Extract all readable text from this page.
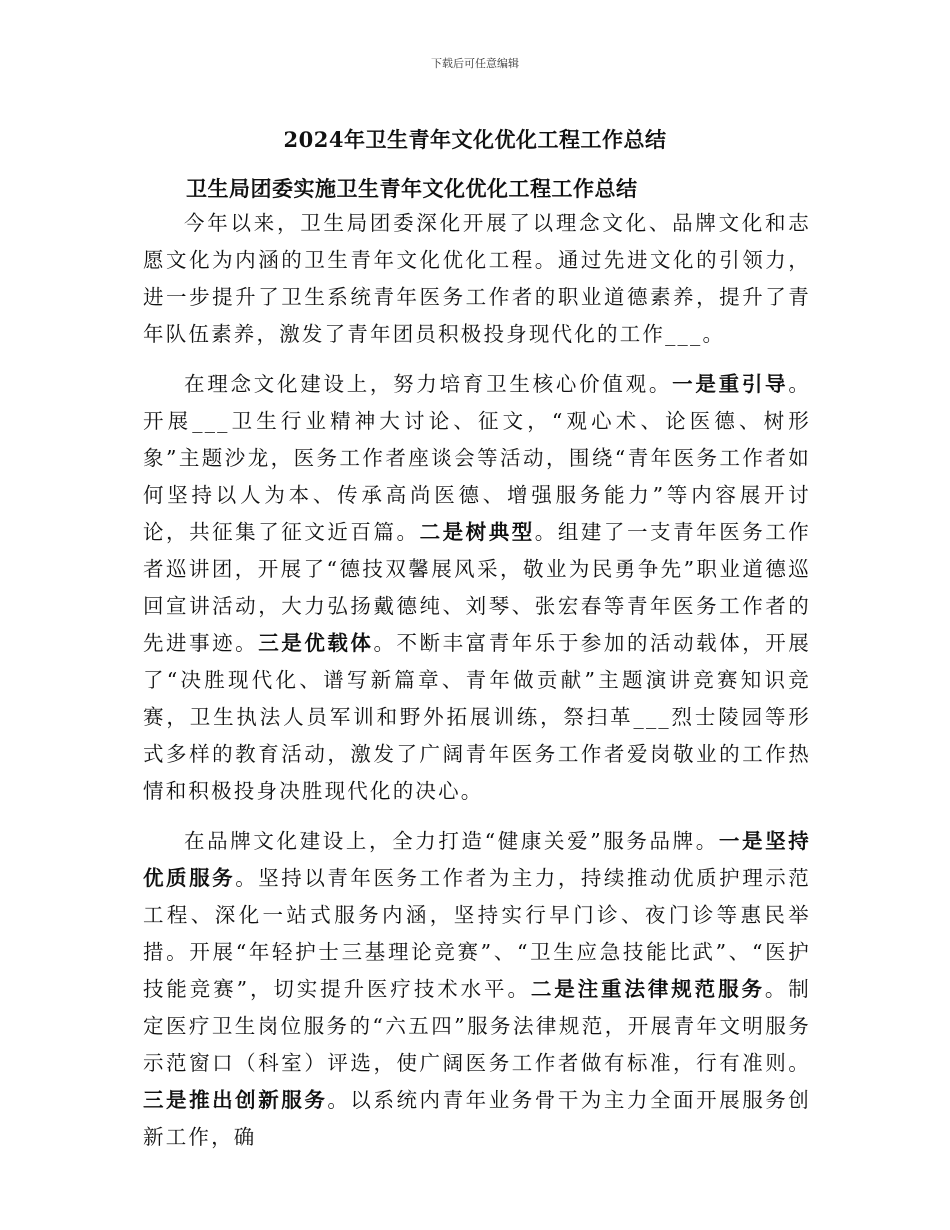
下载后可任意编辑
2024年卫生青年文化优化工程工作总结
卫生局团委实施卫生青年文化优化工程工作总结

今年以来，卫生局团委深化开展了以理念文化、品牌文化和志愿文化为内涵的卫生青年文化优化工程。通过先进文化的引领力，进一步提升了卫生系统青年医务工作者的职业道德素养，提升了青年队伍素养，激发了青年团员积极投身现代化的工作___。

在理念文化建设上，努力培育卫生核心价值观。一是重引导。开展___卫生行业精神大讨论、征文，“观心术、论医德、树形象”主题沙龙，医务工作者座谈会等活动，围绕“青年医务工作者如何坚持以人为本、传承高尚医德、增强服务能力”等内容展开讨论，共征集了征文近百篇。二是树典型。组建了一支青年医务工作者巡讲团，开展了“德技双馨展风采，敬业为民勇争先”职业道德巡回宣讲活动，大力弘扬戴德纯、刘琴、张宏春等青年医务工作者的先进事迹。三是优载体。不断丰富青年乐于参加的活动载体，开展了“决胜现代化、谱写新篇章、青年做贡献”主题演讲竞赛知识竞赛，卫生执法人员军训和野外拓展训练，祭扫革___烈士陵园等形式多样的教育活动，激发了广阔青年医务工作者爱岗敬业的工作热情和积极投身决胜现代化的决心。

在品牌文化建设上，全力打造“健康关爱”服务品牌。一是坚持优质服务。坚持以青年医务工作者为主力，持续推动优质护理示范工程、深化一站式服务内涵，坚持实行早门诊、夜门诊等惠民举措。开展“年轻护士三基理论竞赛”、“卫生应急技能比武”、“医护技能竞赛”，切实提升医疗技术水平。二是注重法律规范服务。制定医疗卫生岗位服务的“六五四”服务法律规范，开展青年文明服务示范窗口（科室）评选，使广阔医务工作者做有标准，行有准则。三是推出创新服务。以系统内青年业务骨干为主力全面开展服务创新工作，确
